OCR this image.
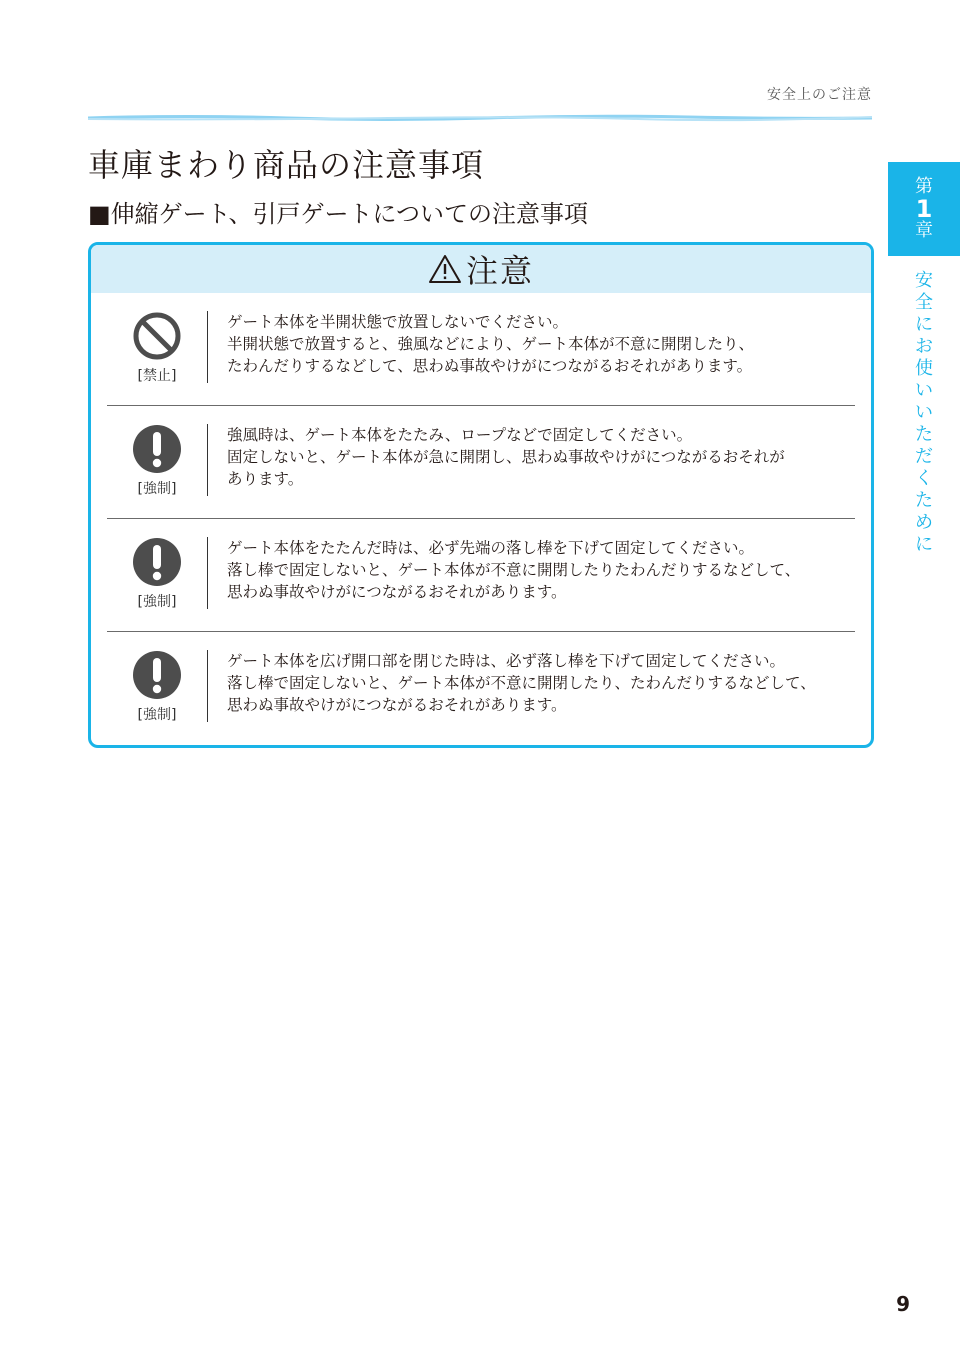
安全上のご注意
車庫まわり商品の注意事項
■伸縮ゲート、引戸ゲートについての注意事項
第
1
章
安全にお使いいただくために
注意
[禁止]
ゲート本体を半開状態で放置しないでください。
半開状態で放置すると、強風などにより、ゲート本体が不意に開閉したり、
たわんだりするなどして、思わぬ事故やけがにつながるおそれがあります。
[強制]
強風時は、ゲート本体をたたみ、ロープなどで固定してください。
固定しないと、ゲート本体が急に開閉し、思わぬ事故やけがにつながるおそれが
あります。
[強制]
ゲート本体をたたんだ時は、必ず先端の落し棒を下げて固定してください。
落し棒で固定しないと、ゲート本体が不意に開閉したりたわんだりするなどして、
思わぬ事故やけがにつながるおそれがあります。
[強制]
ゲート本体を広げ開口部を閉じた時は、必ず落し棒を下げて固定してください。
落し棒で固定しないと、ゲート本体が不意に開閉したり、たわんだりするなどして、
思わぬ事故やけがにつながるおそれがあります。
9
